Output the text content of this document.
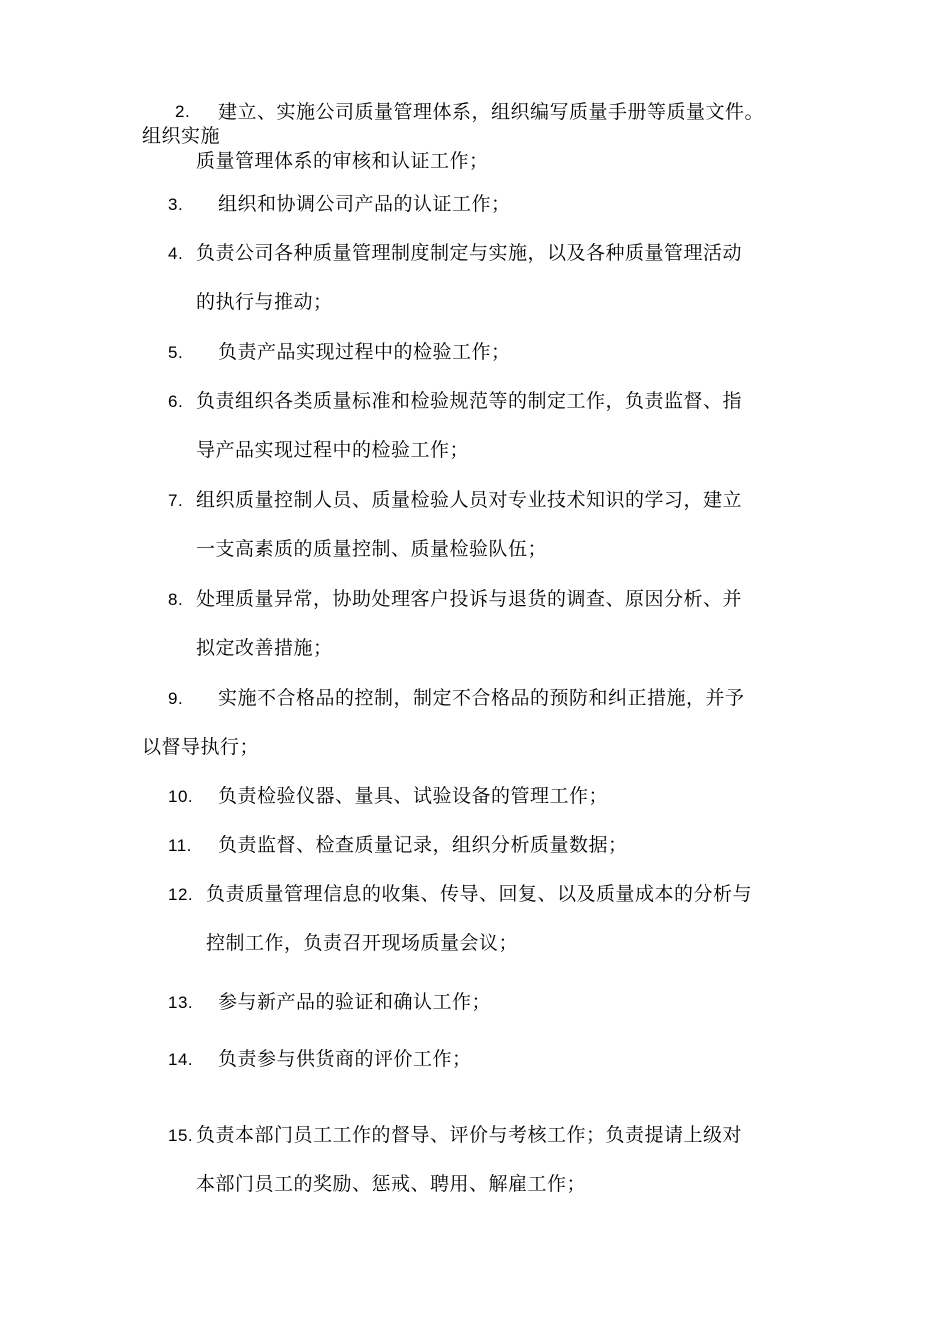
2. 建立、实施公司质量管理体系，组织编写质量手册等质量文件。
组织实施
质量管理体系的审核和认证工作；
3. 组织和协调公司产品的认证工作；
4. 负责公司各种质量管理制度制定与实施，以及各种质量管理活动
的执行与推动；
5. 负责产品实现过程中的检验工作；
6. 负责组织各类质量标准和检验规范等的制定工作，负责监督、指
导产品实现过程中的检验工作；
7. 组织质量控制人员、质量检验人员对专业技术知识的学习，建立
一支高素质的质量控制、质量检验队伍；
8. 处理质量异常，协助处理客户投诉与退货的调查、原因分析、并
拟定改善措施；
9. 实施不合格品的控制，制定不合格品的预防和纠正措施，并予
以督导执行；
10. 负责检验仪器、量具、试验设备的管理工作；
11. 负责监督、检查质量记录，组织分析质量数据；
12. 负责质量管理信息的收集、传导、回复、以及质量成本的分析与
控制工作，负责召开现场质量会议；
13. 参与新产品的验证和确认工作；
14. 负责参与供货商的评价工作；
15. 负责本部门员工工作的督导、评价与考核工作；负责提请上级对
本部门员工的奖励、惩戒、聘用、解雇工作；
